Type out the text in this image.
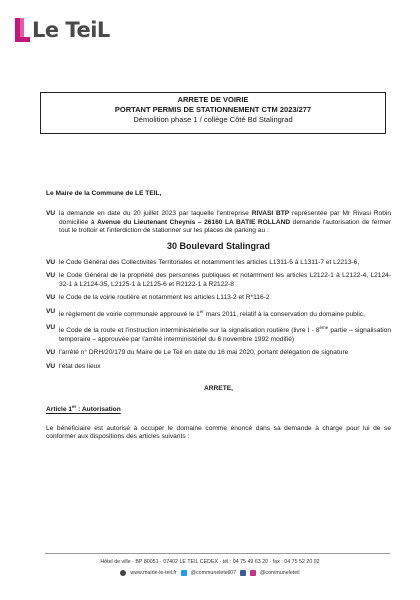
Le TeiL
ARRETE DE VOIRIE
PORTANT PERMIS DE STATIONNEMENT CTM 2023/277
Démolition phase 1 / collège Côté Bd Stalingrad
Le Maire de la Commune de LE TEIL,
VU la demande en date du 20 juillet 2023 par laquelle l'entreprise RIVASI BTP représentée par Mr Rivasi Robin domiciliée à Avenue du Lieutenant Cheynis – 26160 LA BATIE ROLLAND demande l'autorisation de fermer tout le trottoir et l'interdiction de stationner sur les places de parking au :
30 Boulevard Stalingrad
VU le Code Général des Collectivités Territoriales et notamment les articles L1311-5 à L1311-7 et L2213-6,
VU le Code Général de la propriété des personnes publiques et notamment les articles L2122-1 à L2122-4, L2124-32-1 à L2124-35, L2125-1 à L2125-6 et R2122-1 à R2122-8
VU le Code de la voirie routière et notamment les articles L113-2 et R*116-2
VU le règlement de voirie communale approuvé le 1er mars 2011, relatif à la conservation du domaine public,
VU le Code de la route et l'instruction interministérielle sur la signalisation routière (livre I - 8ème partie – signalisation temporaire – approuvée par l'arrêté interministériel du 6 novembre 1992 modifié)
VU l'arrêté n° DRH/20/179 du Maire de Le Teil en date du 16 mai 2020, portant délégation de signature
VU l'état des lieux
ARRETE,
Article 1er : Autorisation
Le bénéficiaire est autorisé à occuper le domaine comme énoncé dans sa demande à charge pour lui de se conformer aux dispositions des articles suivants :
Hôtel de ville · BP 80051 · 07402 LE TEIL CEDEX · tél : 04 75 49 63 20 · fax : 04 75 52 20 92
www.mairie-le-teil.fr	@communeleteil07	@communeleteil
